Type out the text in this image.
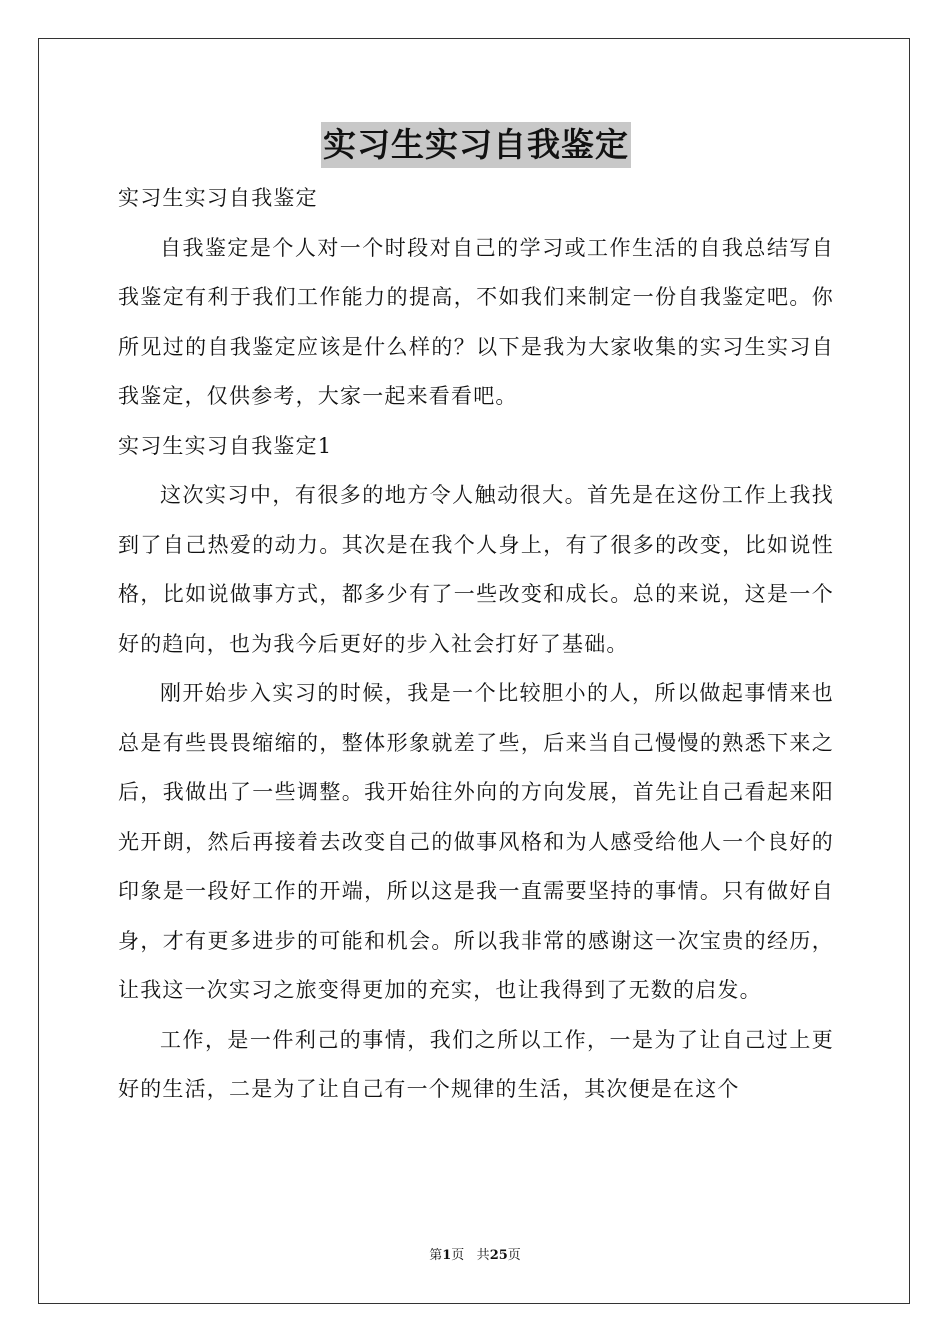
实习生实习自我鉴定

实习生实习自我鉴定

自我鉴定是个人对一个时段对自己的学习或工作生活的自我总结写自我鉴定有利于我们工作能力的提高，不如我们来制定一份自我鉴定吧。你所见过的自我鉴定应该是什么样的？以下是我为大家收集的实习生实习自我鉴定，仅供参考，大家一起来看看吧。

实习生实习自我鉴定1

这次实习中，有很多的地方令人触动很大。首先是在这份工作上我找到了自己热爱的动力。其次是在我个人身上，有了很多的改变，比如说性格，比如说做事方式，都多少有了一些改变和成长。总的来说，这是一个好的趋向，也为我今后更好的步入社会打好了基础。

刚开始步入实习的时候，我是一个比较胆小的人，所以做起事情来也总是有些畏畏缩缩的，整体形象就差了些，后来当自己慢慢的熟悉下来之后，我做出了一些调整。我开始往外向的方向发展，首先让自己看起来阳光开朗，然后再接着去改变自己的做事风格和为人感受给他人一个良好的印象是一段好工作的开端，所以这是我一直需要坚持的事情。只有做好自身，才有更多进步的可能和机会。所以我非常的感谢这一次宝贵的经历，让我这一次实习之旅变得更加的充实，也让我得到了无数的启发。

工作，是一件利己的事情，我们之所以工作，一是为了让自己过上更好的生活，二是为了让自己有一个规律的生活，其次便是在这个

第1页 共25页
